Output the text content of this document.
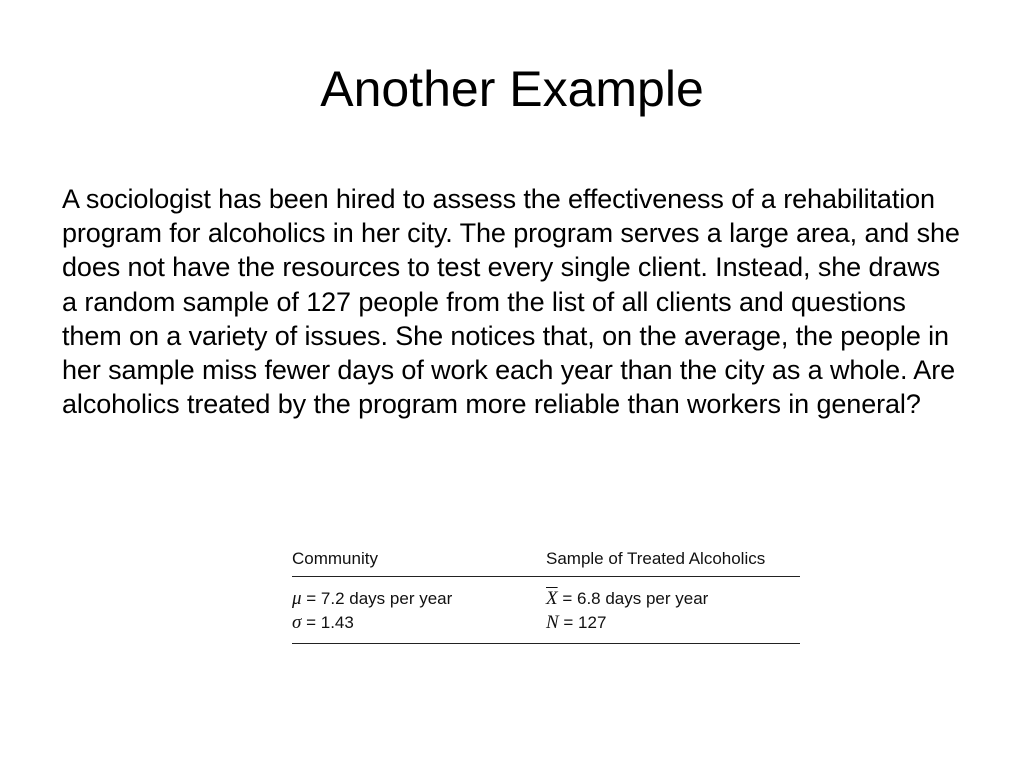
Another Example

A sociologist has been hired to assess the effectiveness of a rehabilitation program for alcoholics in her city. The program serves a large area, and she does not have the resources to test every single client. Instead, she draws a random sample of 127 people from the list of all clients and questions them on a variety of issues. She notices that, on the average, the people in her sample miss fewer days of work each year than the city as a whole. Are alcoholics treated by the program more reliable than workers in general?

Community	Sample of Treated Alcoholics
μ = 7.2 days per year	$\overline{X} = 6.8$ days per year
σ = 1.43	N = 127
